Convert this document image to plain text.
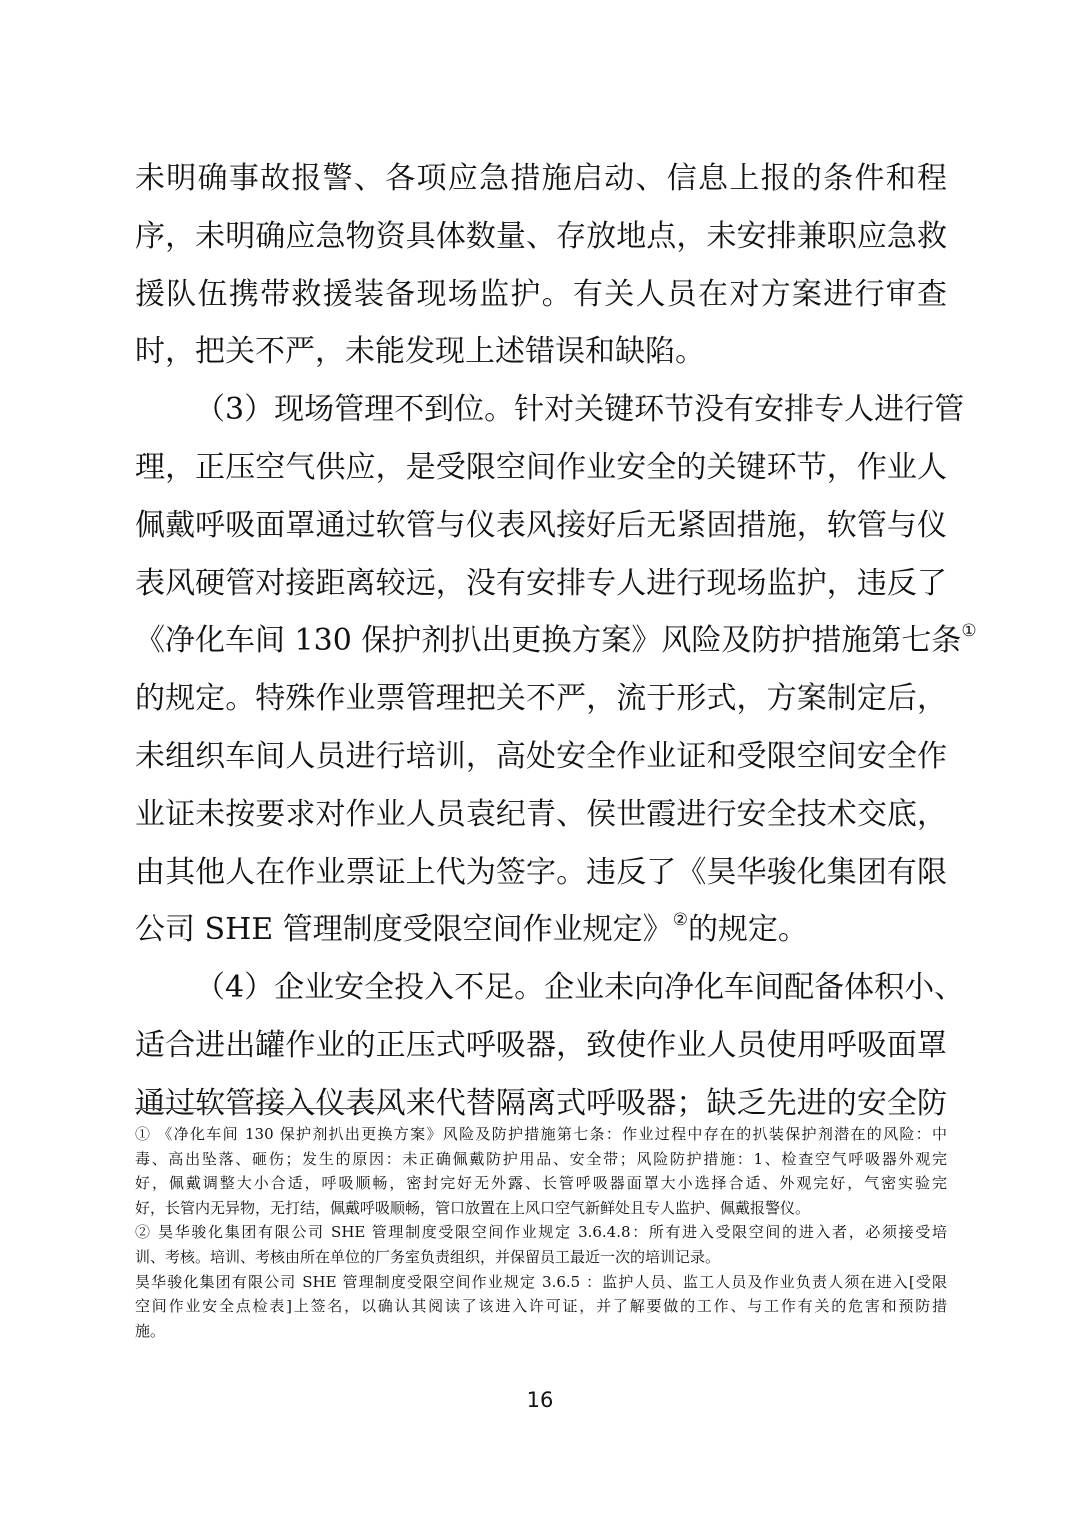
未明确事故报警、各项应急措施启动、信息上报的条件和程
序，未明确应急物资具体数量、存放地点，未安排兼职应急救
援队伍携带救援装备现场监护。有关人员在对方案进行审查
时，把关不严，未能发现上述错误和缺陷。
（3）现场管理不到位。针对关键环节没有安排专人进行管
理，正压空气供应，是受限空间作业安全的关键环节，作业人
佩戴呼吸面罩通过软管与仪表风接好后无紧固措施，软管与仪
表风硬管对接距离较远，没有安排专人进行现场监护，违反了
《净化车间 130 保护剂扒出更换方案》风险及防护措施第七条①
的规定。特殊作业票管理把关不严，流于形式，方案制定后，
未组织车间人员进行培训，高处安全作业证和受限空间安全作
业证未按要求对作业人员袁纪青、侯世霞进行安全技术交底，
由其他人在作业票证上代为签字。违反了《昊华骏化集团有限
公司 SHE 管理制度受限空间作业规定》②的规定。
（4）企业安全投入不足。企业未向净化车间配备体积小、
适合进出罐作业的正压式呼吸器，致使作业人员使用呼吸面罩
通过软管接入仪表风来代替隔离式呼吸器；缺乏先进的安全防
① 《净化车间 130 保护剂扒出更换方案》风险及防护措施第七条：作业过程中存在的扒装保护剂潜在的风险：中
毒、高出坠落、砸伤；发生的原因：未正确佩戴防护用品、安全带；风险防护措施：1、检查空气呼吸器外观完
好，佩戴调整大小合适，呼吸顺畅，密封完好无外露、长管呼吸器面罩大小选择合适、外观完好，气密实验完
好，长管内无异物，无打结，佩戴呼吸顺畅，管口放置在上风口空气新鲜处且专人监护、佩戴报警仪。
② 昊华骏化集团有限公司 SHE 管理制度受限空间作业规定 3.6.4.8：所有进入受限空间的进入者，必须接受培
训、考核。培训、考核由所在单位的厂务室负责组织，并保留员工最近一次的培训记录。
昊华骏化集团有限公司 SHE 管理制度受限空间作业规定 3.6.5 ：监护人员、监工人员及作业负责人须在进入[受限
空间作业安全点检表]上签名，以确认其阅读了该进入许可证，并了解要做的工作、与工作有关的危害和预防措
施。
16
